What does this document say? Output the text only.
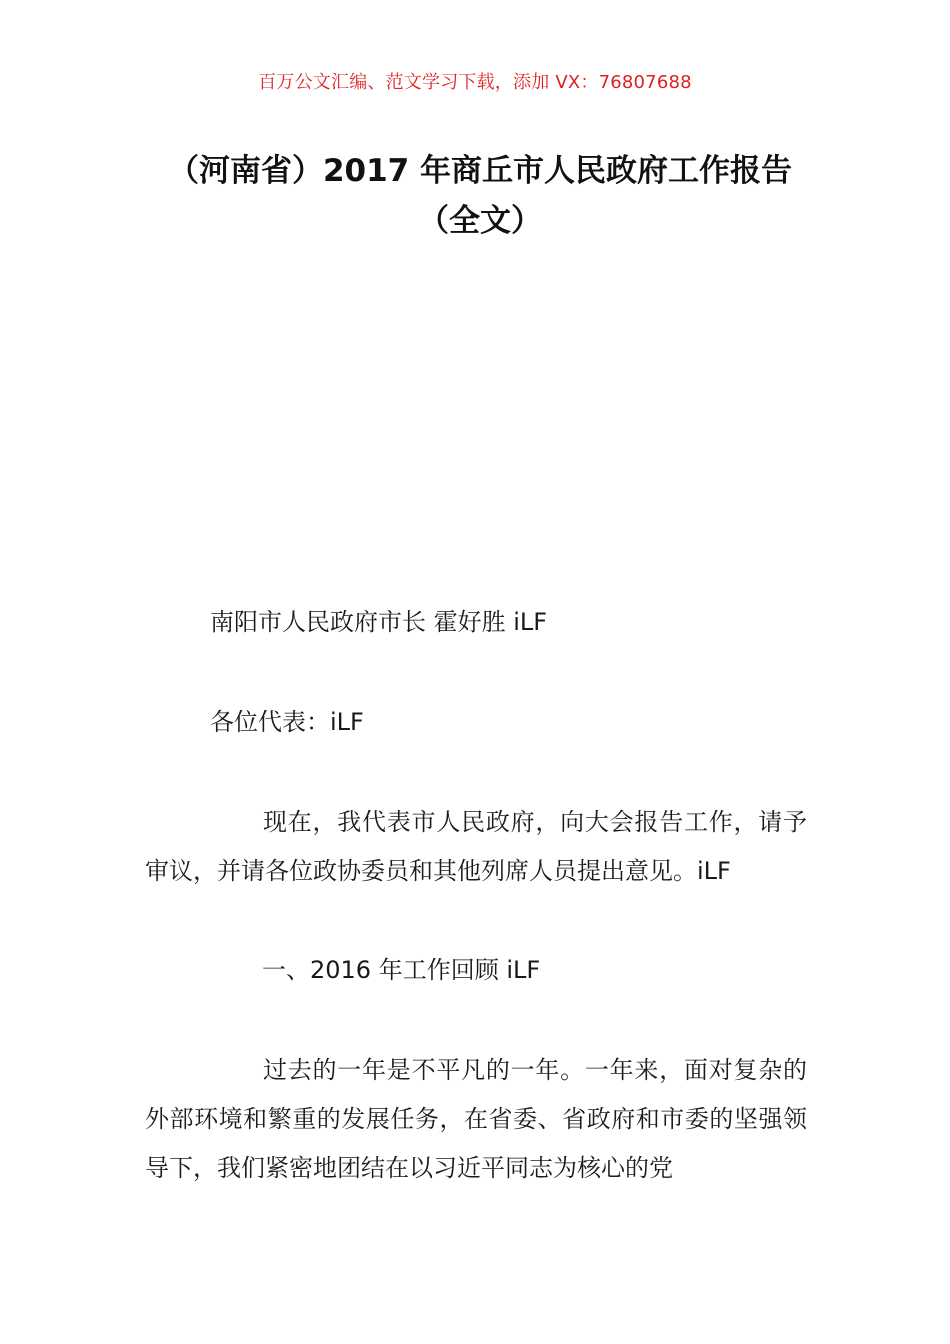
百万公文汇编、范文学习下载，添加 VX：76807688
（河南省）2017 年商丘市人民政府工作报告（全文）
南阳市人民政府市长 霍好胜 iLF
各位代表：iLF
现在，我代表市人民政府，向大会报告工作，请予审议，并请各位政协委员和其他列席人员提出意见。iLF
一、2016 年工作回顾 iLF
过去的一年是不平凡的一年。一年来，面对复杂的外部环境和繁重的发展任务，在省委、省政府和市委的坚强领导下，我们紧密地团结在以习近平同志为核心的党
